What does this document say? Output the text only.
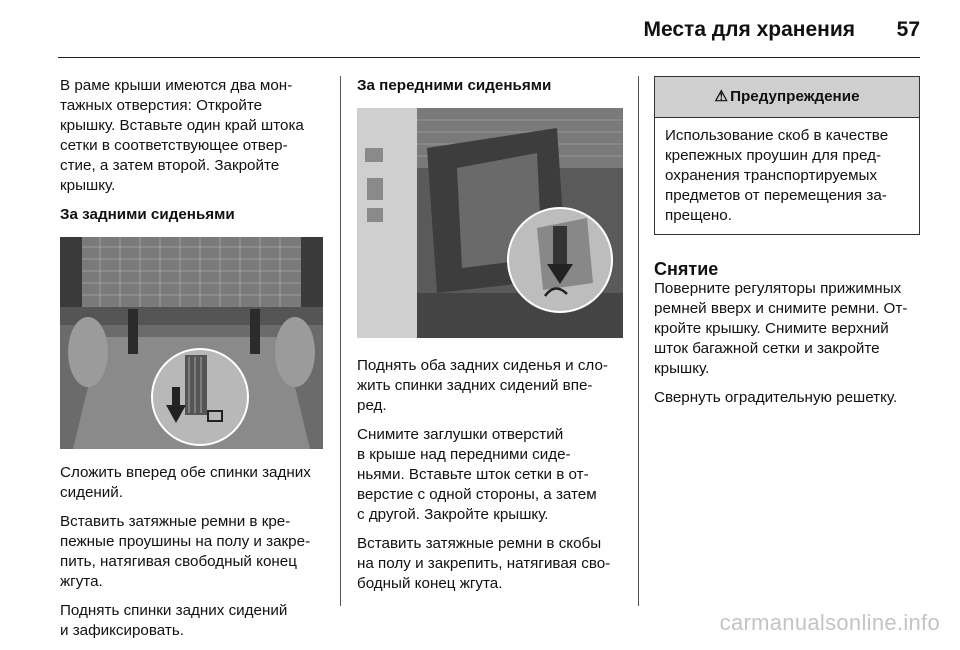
Места для хранения 57

В раме крыши имеются два мон-
тажных отверстия: Откройте
крышку. Вставьте один край штока
сетки в соответствующее отвер-
стие, а затем второй. Закройте
крышку.

За задними сиденьями

Сложить вперед обе спинки задних
сидений.

Вставить затяжные ремни в кре-
пежные проушины на полу и закре-
пить, натягивая свободный конец
жгута.

Поднять спинки задних сидений
и зафиксировать.

За передними сиденьями

Поднять оба задних сиденья и сло-
жить спинки задних сидений впе-
ред.

Снимите заглушки отверстий
в крыше над передними сиде-
ньями. Вставьте шток сетки в от-
верстие с одной стороны, а затем
с другой. Закройте крышку.

Вставить затяжные ремни в скобы
на полу и закрепить, натягивая сво-
бодный конец жгута.

⚠ Предупреждение
Использование скоб в качестве
крепежных проушин для пред-
охранения транспортируемых
предметов от перемещения за-
прещено.
Снятие

Поверните регуляторы прижимных
ремней вверх и снимите ремни. От-
кройте крышку. Снимите верхний
шток багажной сетки и закройте
крышку.

Свернуть оградительную решетку.

carmanualsonline.info
